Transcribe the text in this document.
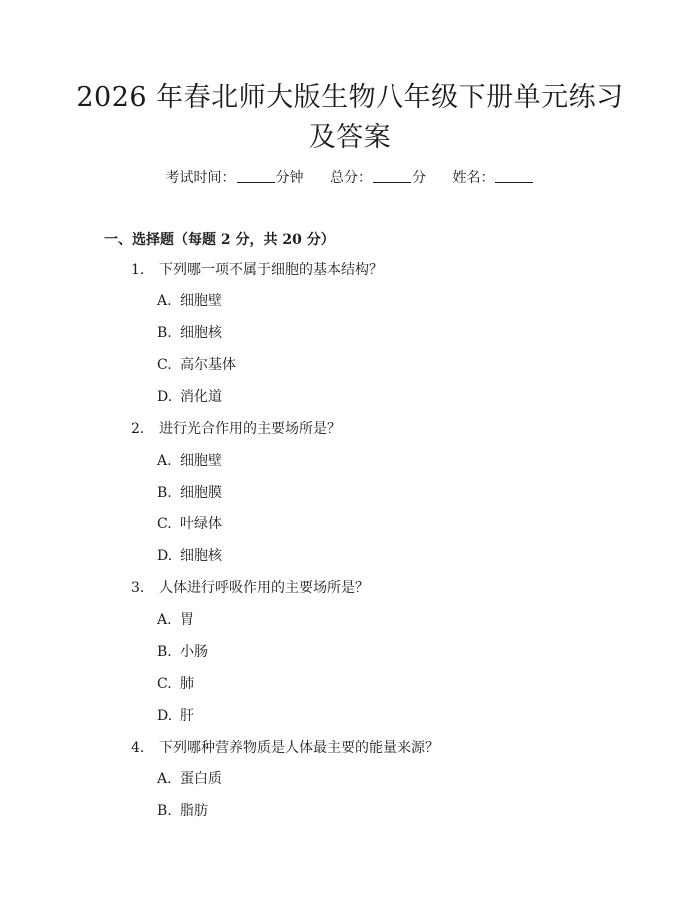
2026 年春北师大版生物八年级下册单元练习
及答案
考试时间：	分钟 总分：	分 姓名：
一、选择题（每题 2 分，共 20 分）
1. 下列哪一项不属于细胞的基本结构？
A. 细胞壁
B. 细胞核
C. 高尔基体
D. 消化道
2. 进行光合作用的主要场所是？
A. 细胞壁
B. 细胞膜
C. 叶绿体
D. 细胞核
3. 人体进行呼吸作用的主要场所是？
A. 胃
B. 小肠
C. 肺
D. 肝
4. 下列哪种营养物质是人体最主要的能量来源？
A. 蛋白质
B. 脂肪
